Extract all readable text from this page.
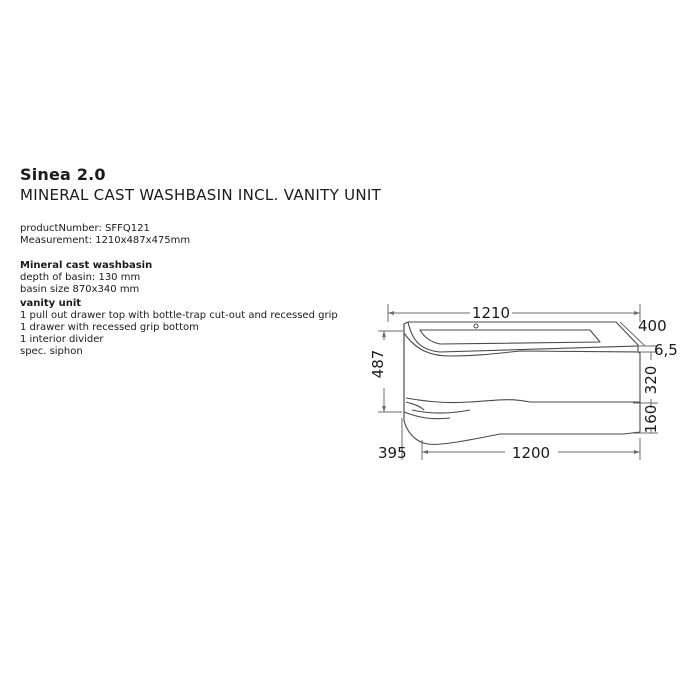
Sinea 2.0
MINERAL CAST WASHBASIN INCL. VANITY UNIT
productNumber: SFFQ121
Measurement: 1210x487x475mm
Mineral cast washbasin
depth of basin: 130 mm
basin size 870x340 mm
vanity unit
1 pull out drawer top with bottle-trap cut-out and recessed grip
1 drawer with recessed grip bottom
1 interior divider
spec. siphon
1210
400
6,5
1200
395
487
320
160
